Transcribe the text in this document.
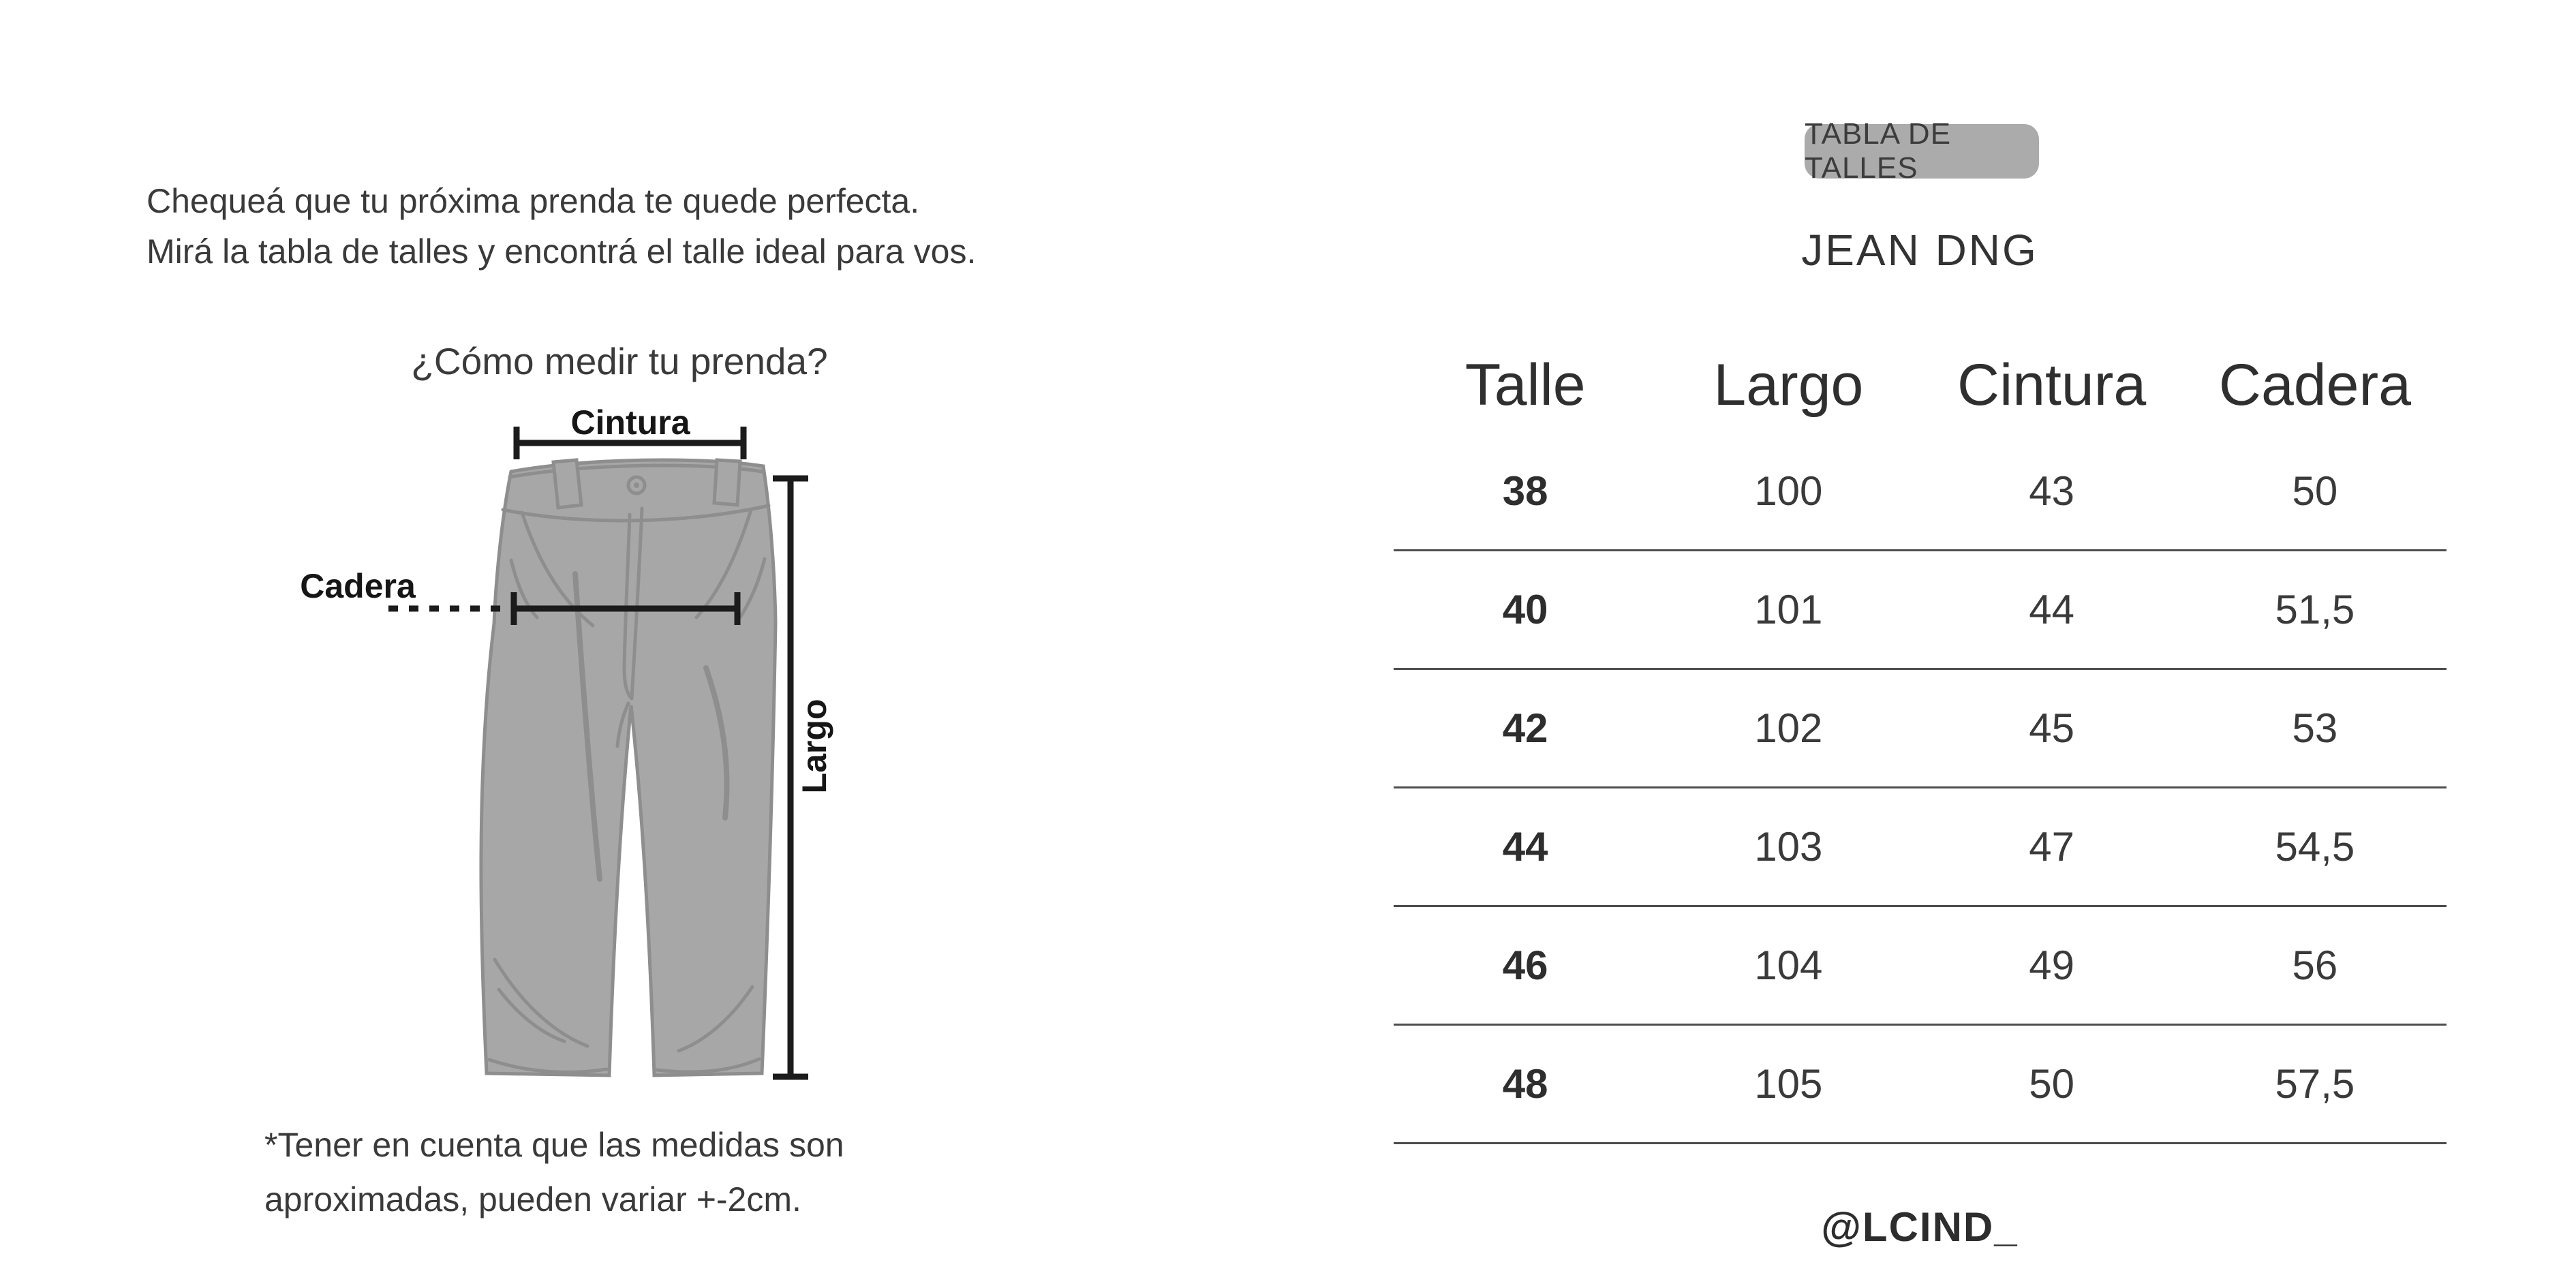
Chequeá que tu próxima prenda te quede perfecta.
Mirá la tabla de talles y encontrá el talle ideal para vos.
¿Cómo medir tu prenda?
Cintura
Cadera
Largo
*Tener en cuenta que las medidas son
aproximadas, pueden variar +-2cm.
TABLA DE TALLES
JEAN DNG
Talle	Largo	Cintura	Cadera
38	100	43	50
40	101	44	51,5
42	102	45	53
44	103	47	54,5
46	104	49	56
48	105	50	57,5
@LCIND_
